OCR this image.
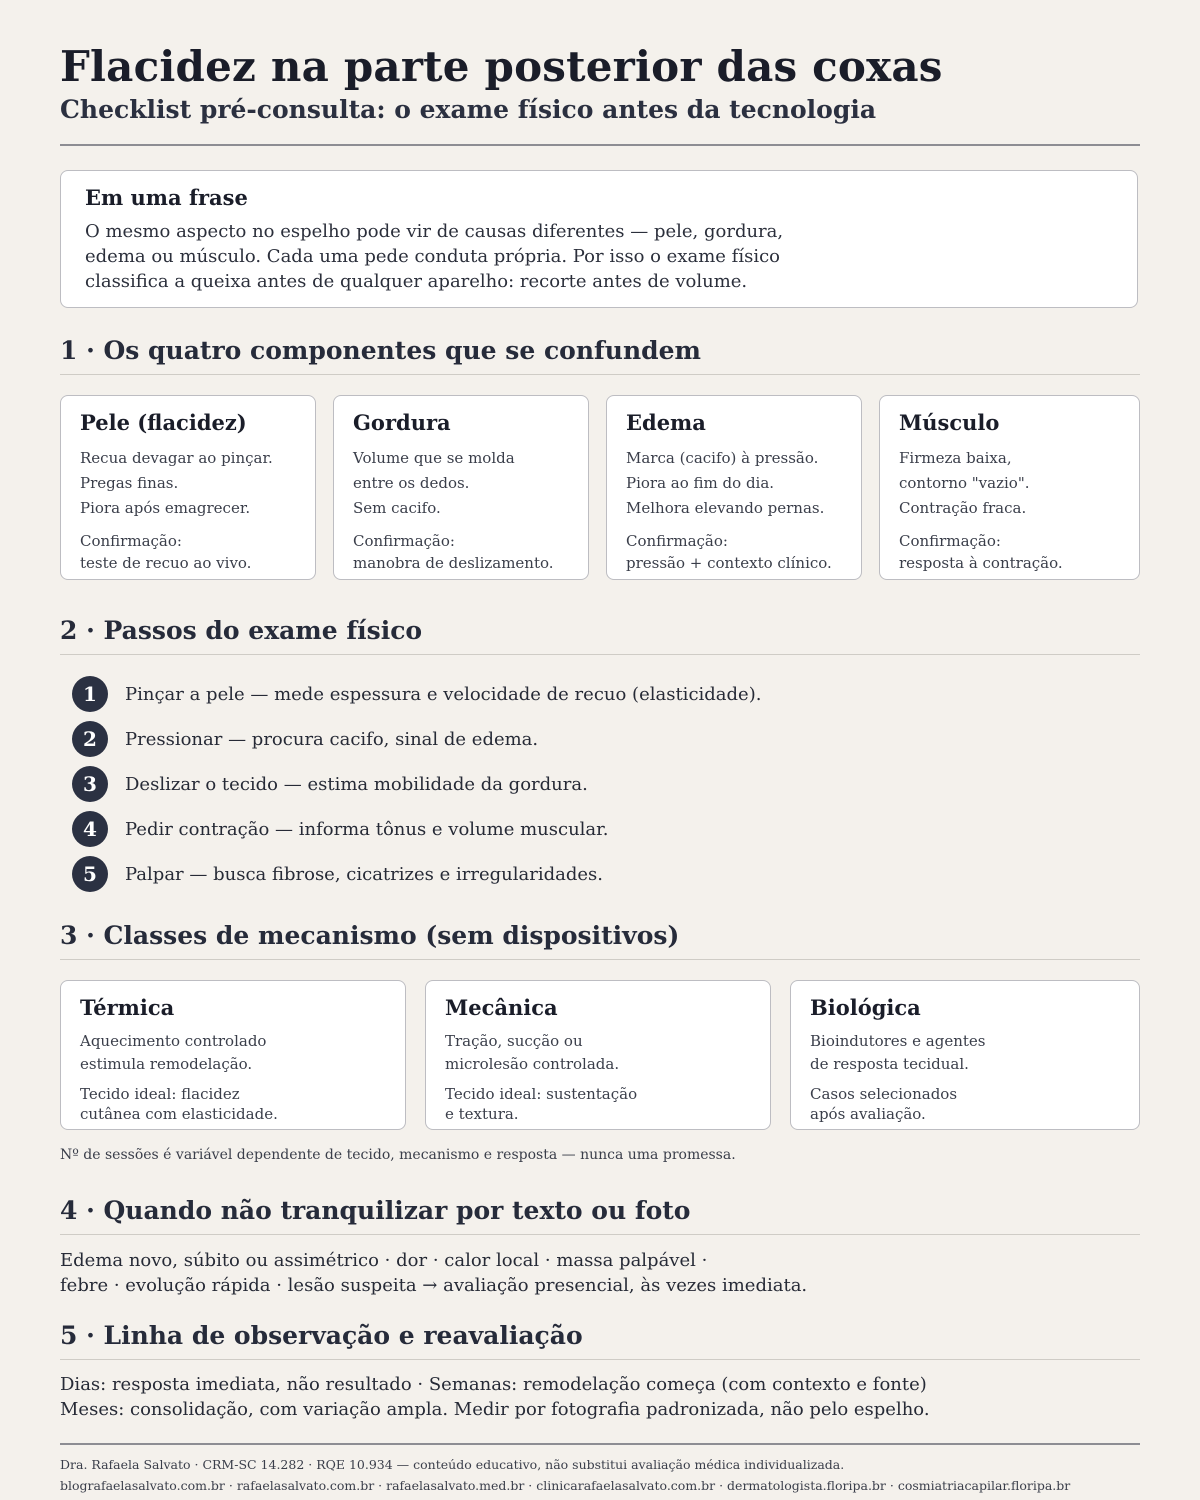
Flacidez na parte posterior das coxas
Checklist pré-consulta: o exame físico antes da tecnologia
Em uma frase
O mesmo aspecto no espelho pode vir de causas diferentes — pele, gordura,
edema ou músculo. Cada uma pede conduta própria. Por isso o exame físico
classifica a queixa antes de qualquer aparelho: recorte antes de volume.
1 · Os quatro componentes que se confundem
Pele (flacidez)
Recua devagar ao pinçar.
Pregas finas.
Piora após emagrecer.
Confirmação:
teste de recuo ao vivo.
Gordura
Volume que se molda
entre os dedos.
Sem cacifo.
Confirmação:
manobra de deslizamento.
Edema
Marca (cacifo) à pressão.
Piora ao fim do dia.
Melhora elevando pernas.
Confirmação:
pressão + contexto clínico.
Músculo
Firmeza baixa,
contorno "vazio".
Contração fraca.
Confirmação:
resposta à contração.
2 · Passos do exame físico
1	Pinçar a pele — mede espessura e velocidade de recuo (elasticidade).
2	Pressionar — procura cacifo, sinal de edema.
3	Deslizar o tecido — estima mobilidade da gordura.
4	Pedir contração — informa tônus e volume muscular.
5	Palpar — busca fibrose, cicatrizes e irregularidades.
3 · Classes de mecanismo (sem dispositivos)
Térmica
Aquecimento controlado
estimula remodelação.
Tecido ideal: flacidez
cutânea com elasticidade.
Mecânica
Tração, sucção ou
microlesão controlada.
Tecido ideal: sustentação
e textura.
Biológica
Bioindutores e agentes
de resposta tecidual.
Casos selecionados
após avaliação.
Nº de sessões é variável dependente de tecido, mecanismo e resposta — nunca uma promessa.
4 · Quando não tranquilizar por texto ou foto
Edema novo, súbito ou assimétrico · dor · calor local · massa palpável ·
febre · evolução rápida · lesão suspeita → avaliação presencial, às vezes imediata.
5 · Linha de observação e reavaliação
Dias: resposta imediata, não resultado · Semanas: remodelação começa (com contexto e fonte)
Meses: consolidação, com variação ampla. Medir por fotografia padronizada, não pelo espelho.
Dra. Rafaela Salvato · CRM-SC 14.282 · RQE 10.934 — conteúdo educativo, não substitui avaliação médica individualizada.
blografaelasalvato.com.br · rafaelasalvato.com.br · rafaelasalvato.med.br · clinicarafaelasalvato.com.br · dermatologista.floripa.br · cosmiatriacapilar.floripa.br
